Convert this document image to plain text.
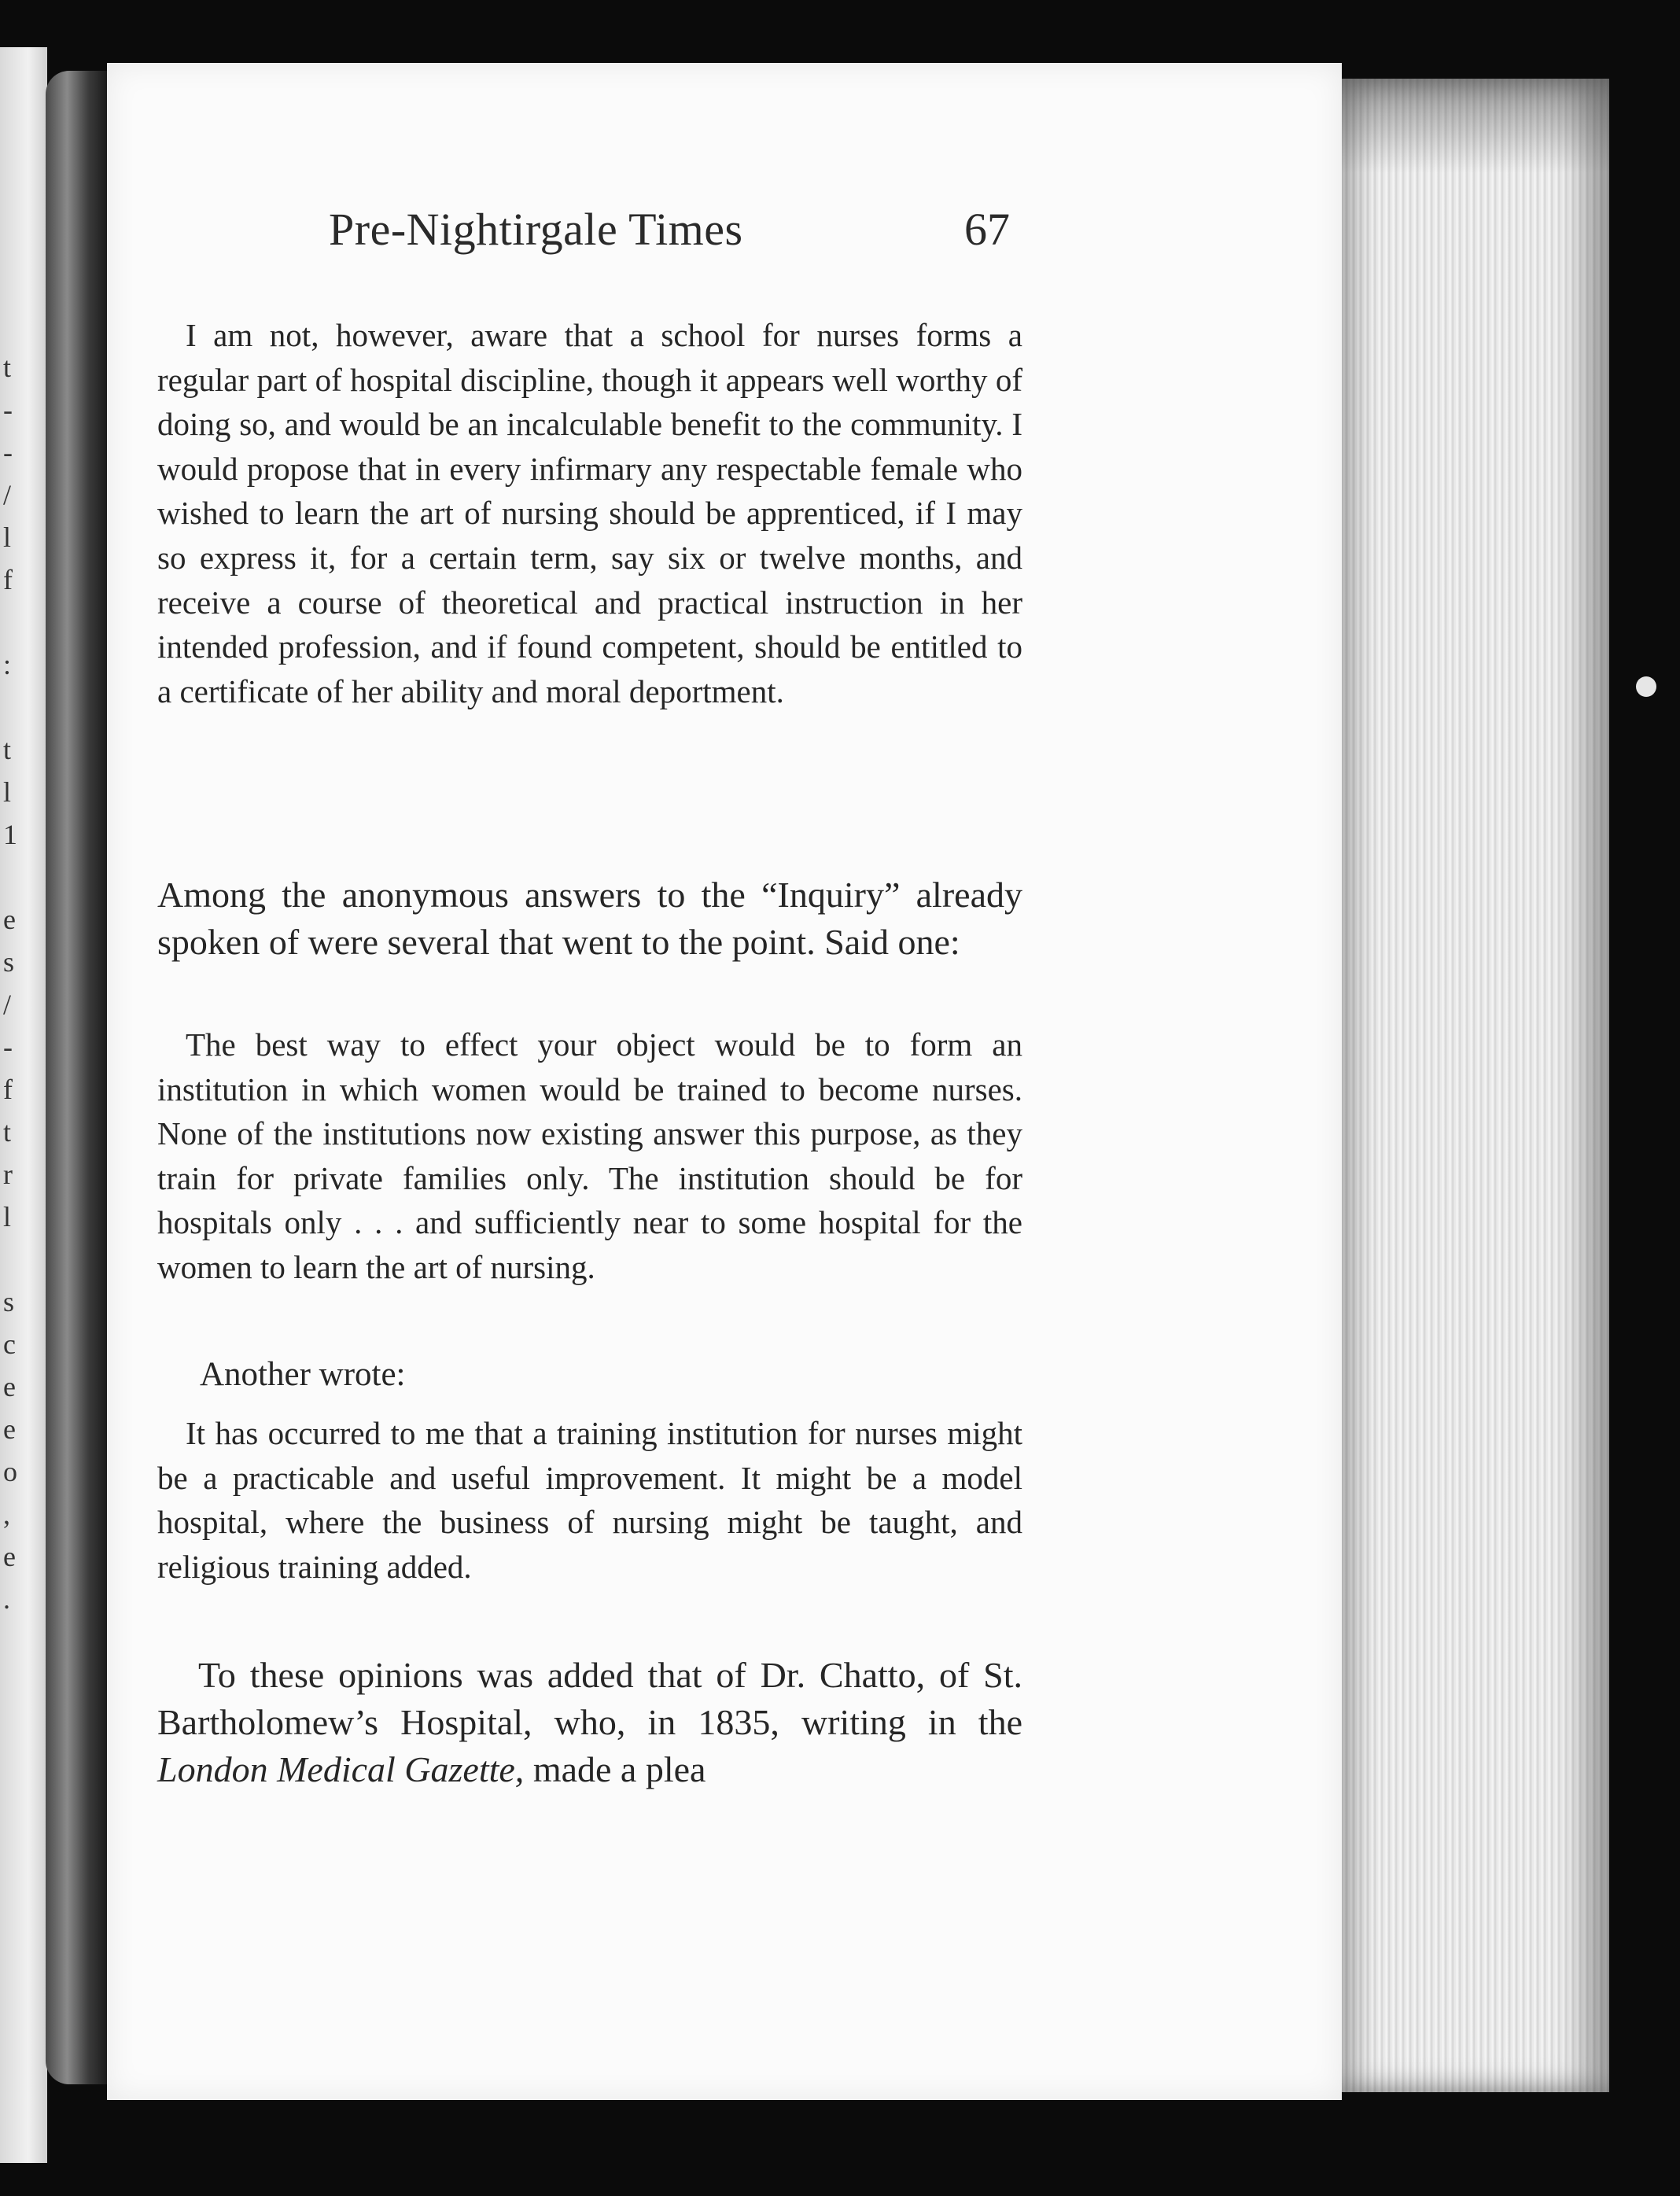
t
-
-
/
l
f
:
t
l
1
e
s
/
-
f
t
r
l
s
c
e
e
o
,
e
.
Pre-Nightirgale Times	67
I am not, however, aware that a school for nurses forms a regular part of hospital discipline, though it appears well worthy of doing so, and would be an incalculable benefit to the community. I would propose that in every infirmary any respectable female who wished to learn the art of nursing should be apprenticed, if I may so express it, for a certain term, say six or twelve months, and receive a course of theoretical and practical instruction in her intended profession, and if found competent, should be entitled to a certificate of her ability and moral deportment.
Among the anonymous answers to the “Inquiry” already spoken of were several that went to the point. Said one:
The best way to effect your object would be to form an institution in which women would be trained to become nurses. None of the institutions now existing answer this purpose, as they train for private families only. The institution should be for hospitals only . . . and sufficiently near to some hospital for the women to learn the art of nursing.
Another wrote:
It has occurred to me that a training institution for nurses might be a practicable and useful improvement. It might be a model hospital, where the business of nursing might be taught, and religious training added.
To these opinions was added that of Dr. Chatto, of St. Bartholomew’s Hospital, who, in 1835, writing in the London Medical Gazette, made a plea
